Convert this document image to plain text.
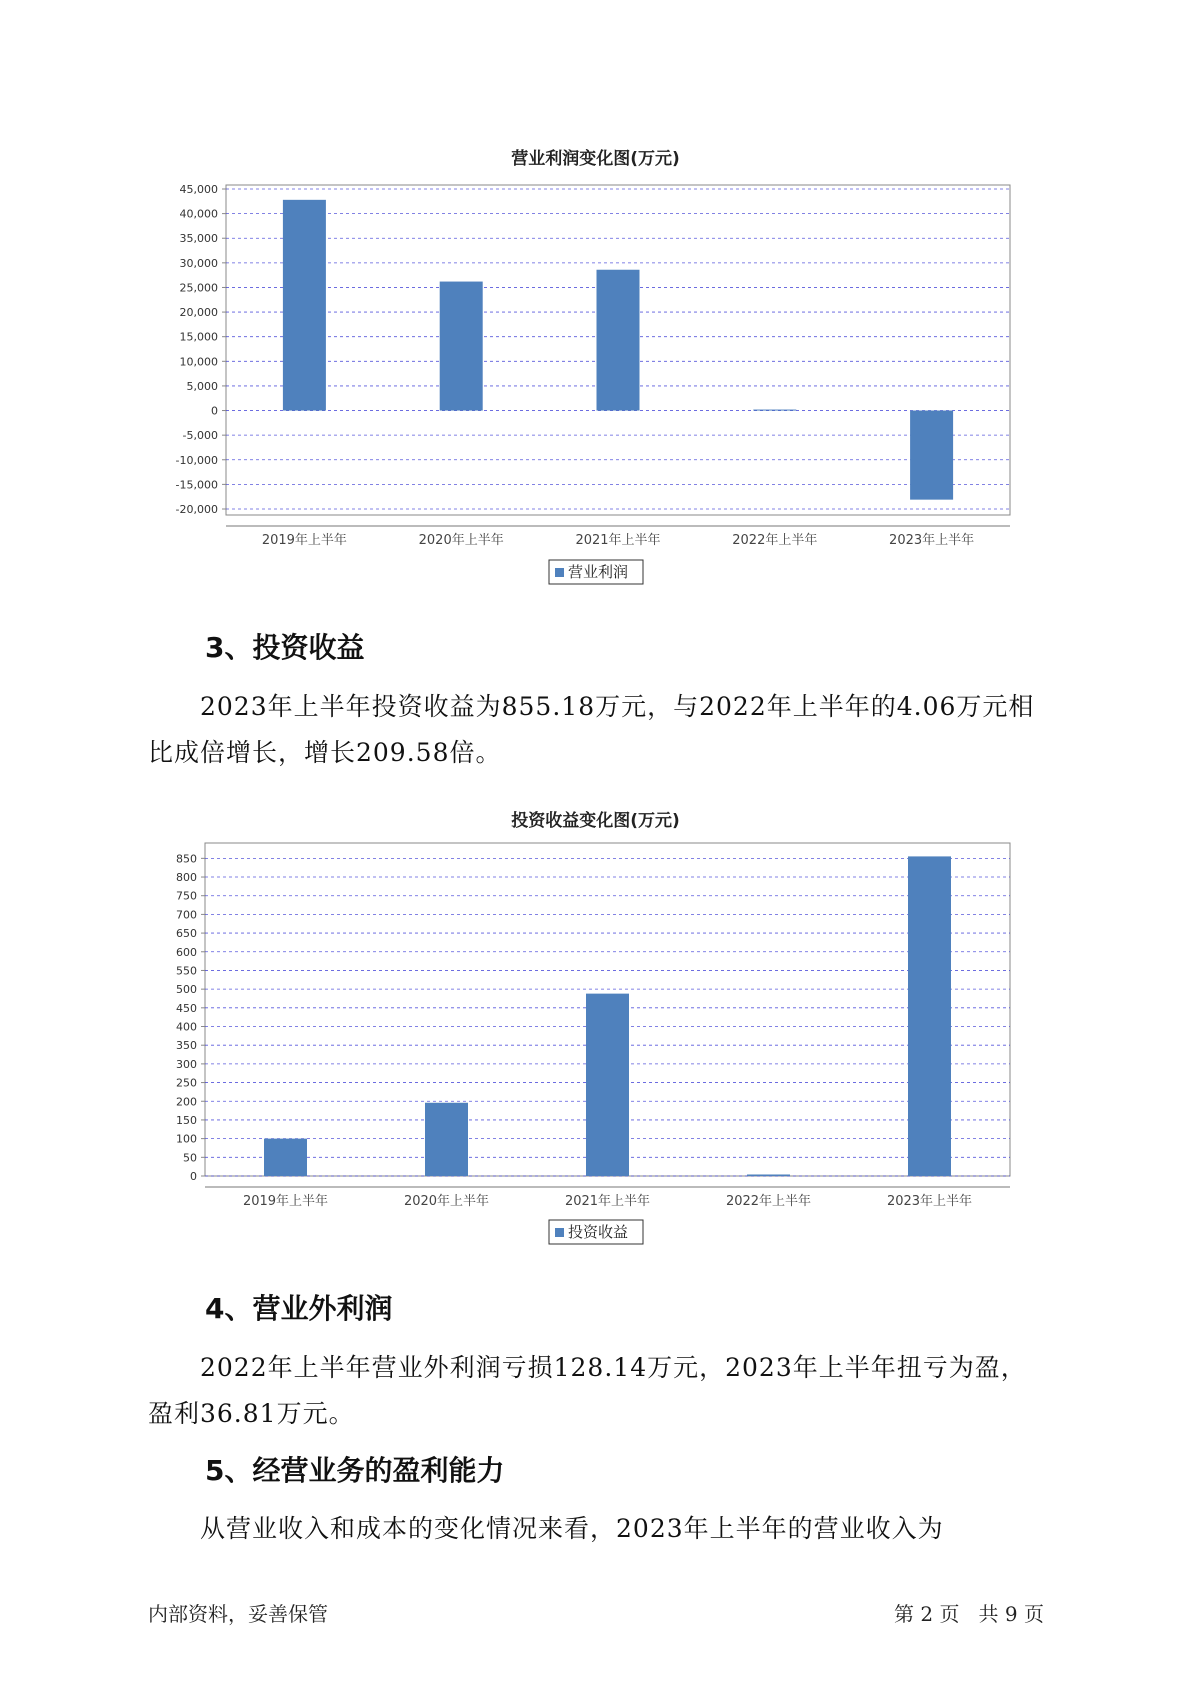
营业利润变化图(万元)
45,000
40,000
35,000
30,000
25,000
20,000
15,000
10,000
5,000
0
-5,000
-10,000
-15,000
-20,000
2019年上半年	2020年上半年	2021年上半年	2022年上半年	2023年上半年
营业利润
3、投资收益
2023年上半年投资收益为855.18万元，与2022年上半年的4.06万元相
比成倍增长，增长209.58倍。
投资收益变化图(万元)
850
800
750
700
650
600
550
500
450
400
350
300
250
200
150
100
50
0
2019年上半年	2020年上半年	2021年上半年	2022年上半年	2023年上半年
投资收益
4、营业外利润
2022年上半年营业外利润亏损128.14万元，2023年上半年扭亏为盈，
盈利36.81万元。
5、经营业务的盈利能力
从营业收入和成本的变化情况来看，2023年上半年的营业收入为
内部资料，妥善保管	第 2 页   共 9 页
